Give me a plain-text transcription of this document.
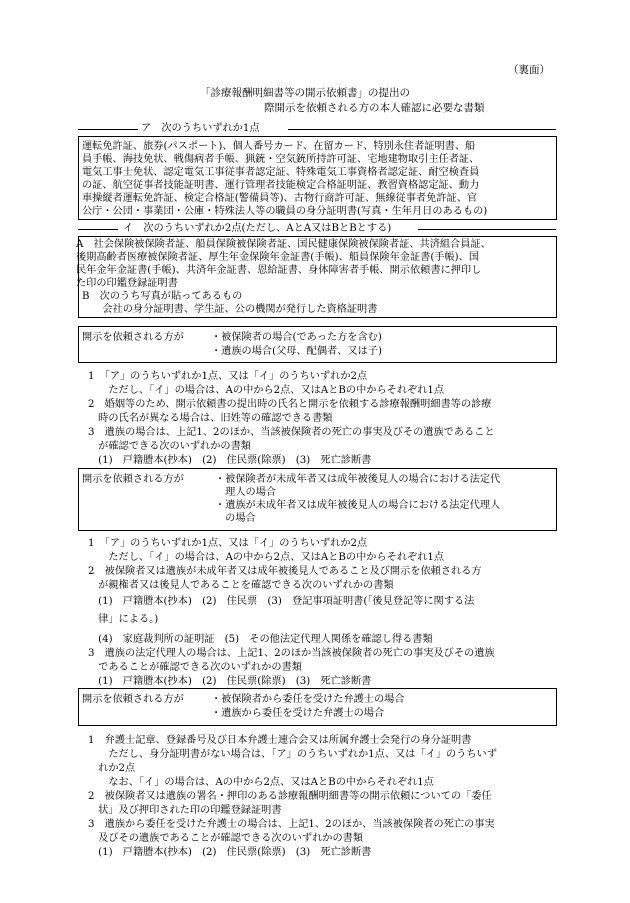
（裏面）
「診療報酬明細書等の開示依頼書」の提出の
際開示を依頼される方の本人確認に必要な書類
ア　次のうちいずれか1点
運転免許証、旅券(パスポート)、個人番号カード、在留カード、特別永住者証明書、船
員手帳、海技免状、戦傷病者手帳、猟銃・空気銃所持許可証、宅地建物取引主任者証、
電気工事士免状、認定電気工事従事者認定証、特殊電気工事資格者認定証、耐空検査員
の証、航空従事者技能証明書、運行管理者技能検定合格証明証、教習資格認定証、動力
車操縦者運転免許証、検定合格証(警備員等)、古物行商許可証、無線従事者免許証、官
公庁・公団・事業団・公庫・特殊法人等の職員の身分証明書(写真・生年月日のあるもの)
イ　次のうちいずれか2点(ただし、AとA又はBとBとする)
A　社会保険被保険者証、船員保険被保険者証、国民健康保険被保険者証、共済組合員証、
後期高齢者医療被保険者証、厚生年金保険年金証書(手帳)、船員保険年金証書(手帳)、国
民年金年金証書(手帳)、共済年金証書、恩給証書、身体障害者手帳、開示依頼書に押印し
た印の印鑑登録証明書
B　次のうち写真が貼ってあるもの
　　会社の身分証明書、学生証、公の機関が発行した資格証明書
開示を依頼される方が	・被保険者の場合(であった方を含む)
・遺族の場合(父母、配偶者、又は子)
1　「ア」のうちいずれか1点、又は「イ」のうちいずれか2点
　　ただし、「イ」の場合は、Aの中から2点、又はAとBの中からそれぞれ1点
2　婚姻等のため、開示依頼書の提出時の氏名と開示を依頼する診療報酬明細書等の診療
　時の氏名が異なる場合は、旧姓等の確認できる書類
3　遺族の場合は、上記1、2のほか、当該被保険者の死亡の事実及びその遺族であること
　が確認できる次のいずれかの書類
　(1)　戸籍謄本(抄本)　(2)　住民票(除票)　(3)　死亡診断書
開示を依頼される方が	・被保険者が未成年者又は成年被後見人の場合における法定代
　理人の場合
・遺族が未成年者又は成年被後見人の場合における法定代理人
　の場合
1　「ア」のうちいずれか1点、又は「イ」のうちいずれか2点
　　ただし、「イ」の場合は、Aの中から2点、又はAとBの中からそれぞれ1点
2　被保険者又は遺族が未成年者又は成年被後見人であること及び開示を依頼される方
　が親権者又は後見人であることを確認できる次のいずれかの書類
　(1)　戸籍謄本(抄本)　(2)　住民票　(3)　登記事項証明書(「後見登記等に関する法
　律」による。)
　(4)　家庭裁判所の証明証　(5)　その他法定代理人関係を確認し得る書類
3　遺族の法定代理人の場合は、上記1、2のほか当該被保険者の死亡の事実及びその遺族
　であることが確認できる次のいずれかの書類
　(1)　戸籍謄本(抄本)　(2)　住民票(除票)　(3)　死亡診断書
開示を依頼される方が	・被保険者から委任を受けた弁護士の場合
・遺族から委任を受けた弁護士の場合
1　弁護士記章、登録番号及び日本弁護士連合会又は所属弁護士会発行の身分証明書
　　ただし、身分証明書がない場合は、「ア」のうちいずれか1点、又は「イ」のうちいず
　れか2点
　　なお、「イ」の場合は、Aの中から2点、又はAとBの中からそれぞれ1点
2　被保険者又は遺族の署名・押印のある診療報酬明細書等の開示依頼についての「委任
　状」及び押印された印の印鑑登録証明書
3　遺族から委任を受けた弁護士の場合は、上記1、2のほか、当該被保険者の死亡の事実
　及びその遺族であることが確認できる次のいずれかの書類
　(1)　戸籍謄本(抄本)　(2)　住民票(除票)　(3)　死亡診断書
